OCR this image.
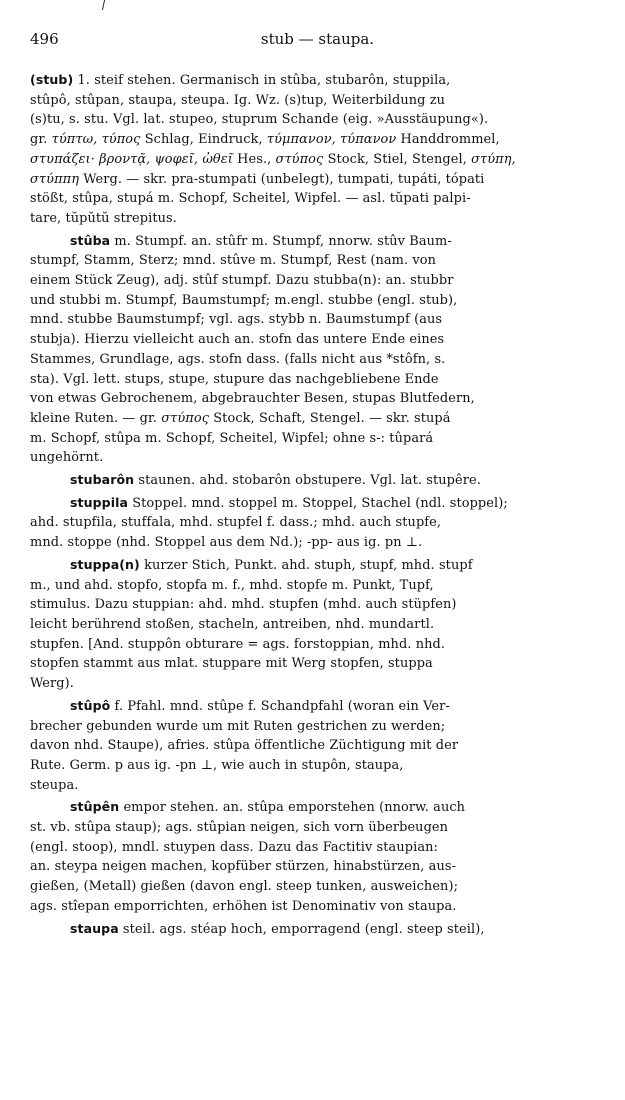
496	stub — staupa.
(stub) 1. steif stehen. Germanisch in stûba, stubarôn, stuppila,
stûpô, stûpan, staupa, steupa. Ig. Wz. (s)tup, Weiterbildung zu
(s)tu, s. stu. Vgl. lat. stupeo, stuprum Schande (eig. »Ausstäupung«).
gr. τύπτω, τύπος Schlag, Eindruck, τύμπανον, τύπανον Handdrommel,
στυπάζει· βροντᾷ, ψοφεῖ, ὠθεῖ Hes., στύπος Stock, Stiel, Stengel, στύπη,
στύππη Werg. — skr. pra-stumpati (unbelegt), tumpati, tupáti, tópati
stößt, stûpa, stupá m. Schopf, Scheitel, Wipfel. — asl. tŭpati palpi-
tare, tŭpŭtŭ strepitus.
stûba m. Stumpf. an. stûfr m. Stumpf, nnorw. stûv Baum-
stumpf, Stamm, Sterz; mnd. stûve m. Stumpf, Rest (nam. von
einem Stück Zeug), adj. stûf stumpf. Dazu stubba(n): an. stubbr
und stubbi m. Stumpf, Baumstumpf; m.engl. stubbe (engl. stub),
mnd. stubbe Baumstumpf; vgl. ags. stybb n. Baumstumpf (aus
stubja). Hierzu vielleicht auch an. stofn das untere Ende eines
Stammes, Grundlage, ags. stofn dass. (falls nicht aus *stôfn, s.
sta). Vgl. lett. stups, stupe, stupure das nachgebliebene Ende
von etwas Gebrochenem, abgebrauchter Besen, stupas Blutfedern,
kleine Ruten. — gr. στύπος Stock, Schaft, Stengel. — skr. stupá
m. Schopf, stûpa m. Schopf, Scheitel, Wipfel; ohne s-: tûpará
ungehörnt.
stubarôn staunen. ahd. stobarôn obstupere. Vgl. lat. stupêre.
stuppila Stoppel. mnd. stoppel m. Stoppel, Stachel (ndl. stoppel);
ahd. stupfila, stuffala, mhd. stupfel f. dass.; mhd. auch stupfe,
mnd. stoppe (nhd. Stoppel aus dem Nd.); -pp- aus ig. pn ⊥.
stuppa(n) kurzer Stich, Punkt. ahd. stuph, stupf, mhd. stupf
m., und ahd. stopfo, stopfa m. f., mhd. stopfe m. Punkt, Tupf,
stimulus. Dazu stuppian: ahd. mhd. stupfen (mhd. auch stüpfen)
leicht berührend stoßen, stacheln, antreiben, nhd. mundartl.
stupfen. [And. stuppôn obturare = ags. forstoppian, mhd. nhd.
stopfen stammt aus mlat. stuppare mit Werg stopfen, stuppa
Werg).
stûpô f. Pfahl. mnd. stûpe f. Schandpfahl (woran ein Ver-
brecher gebunden wurde um mit Ruten gestrichen zu werden;
davon nhd. Staupe), afries. stûpa öffentliche Züchtigung mit der
Rute. Germ. p aus ig. -pn ⊥, wie auch in stupôn, staupa,
steupa.
stûpên empor stehen. an. stûpa emporstehen (nnorw. auch
st. vb. stûpa staup); ags. stûpian neigen, sich vorn überbeugen
(engl. stoop), mndl. stuypen dass. Dazu das Factitiv staupian:
an. steypa neigen machen, kopfüber stürzen, hinabstürzen, aus-
gießen, (Metall) gießen (davon engl. steep tunken, ausweichen);
ags. stîepan emporrichten, erhöhen ist Denominativ von staupa.
staupa steil. ags. stéap hoch, emporragend (engl. steep steil),
